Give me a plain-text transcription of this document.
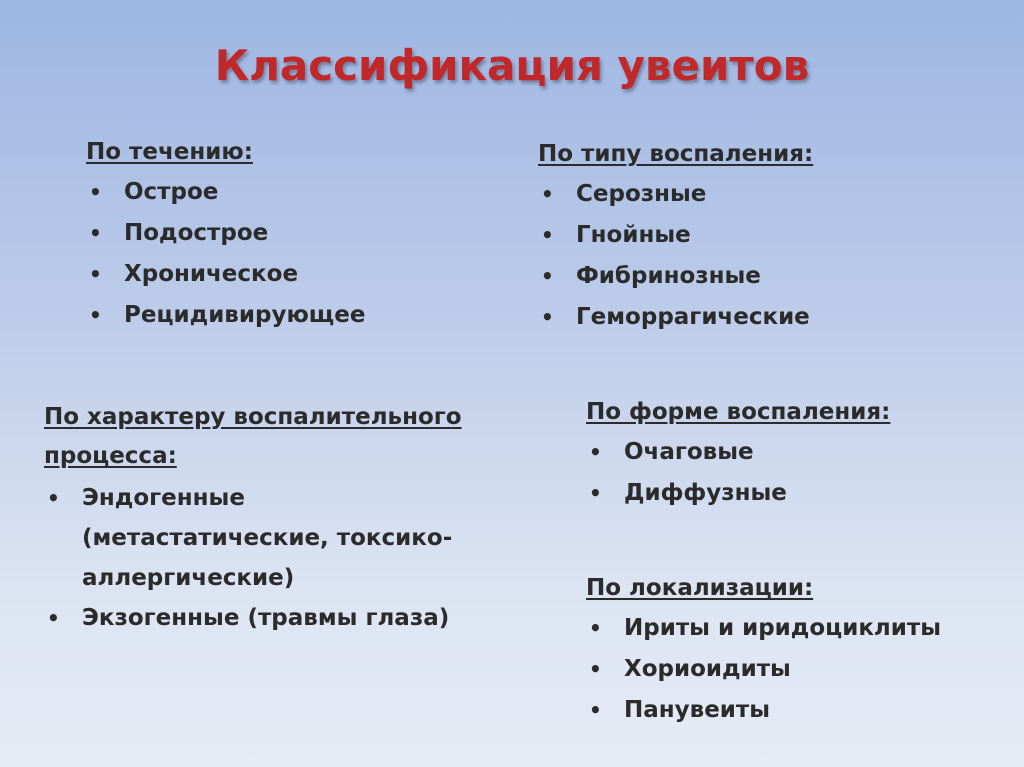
Классификация увеитов
По течению:
• Острое
• Подострое
• Хроническое
• Рецидивирующее
По типу воспаления:
• Серозные
• Гнойные
• Фибринозные
• Геморрагические
По характеру воспалительного
процесса:
• Эндогенные
(метастатические, токсико-
аллергические)
• Экзогенные (травмы глаза)
По форме воспаления:
• Очаговые
• Диффузные
По локализации:
• Ириты и иридоциклиты
• Хориоидиты
• Панувеиты
